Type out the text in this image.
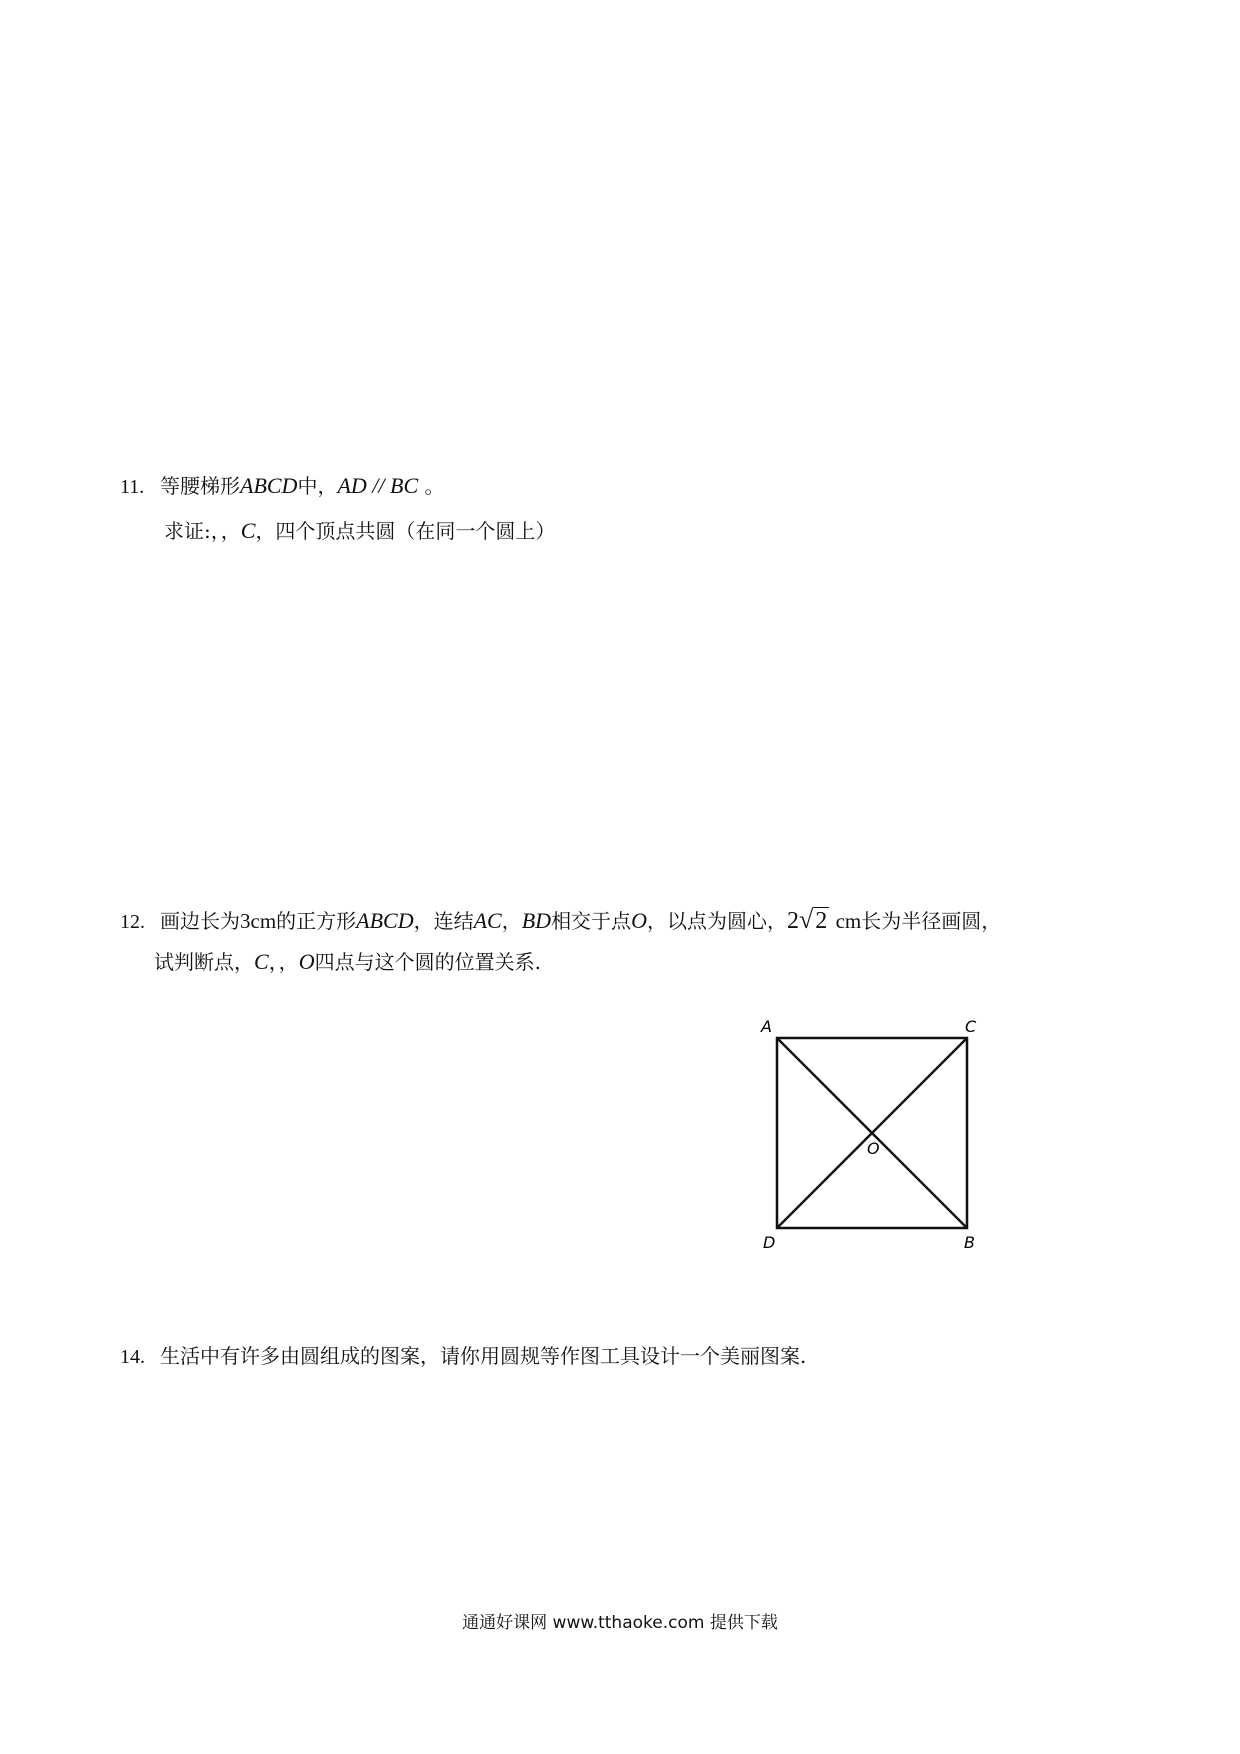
11. 等腰梯形ABCD中，AD // BC 。
求证:，，C，四个顶点共圆（在同一个圆上）
12. 画边长为3cm的正方形ABCD，连结AC，BD相交于点O，以点为圆心，2√2 cm长为半径画圆，
试判断点，C，，O四点与这个圆的位置关系.
A	C
D	B
O
14. 生活中有许多由圆组成的图案，请你用圆规等作图工具设计一个美丽图案.
通通好课网 www.tthaoke.com 提供下载
